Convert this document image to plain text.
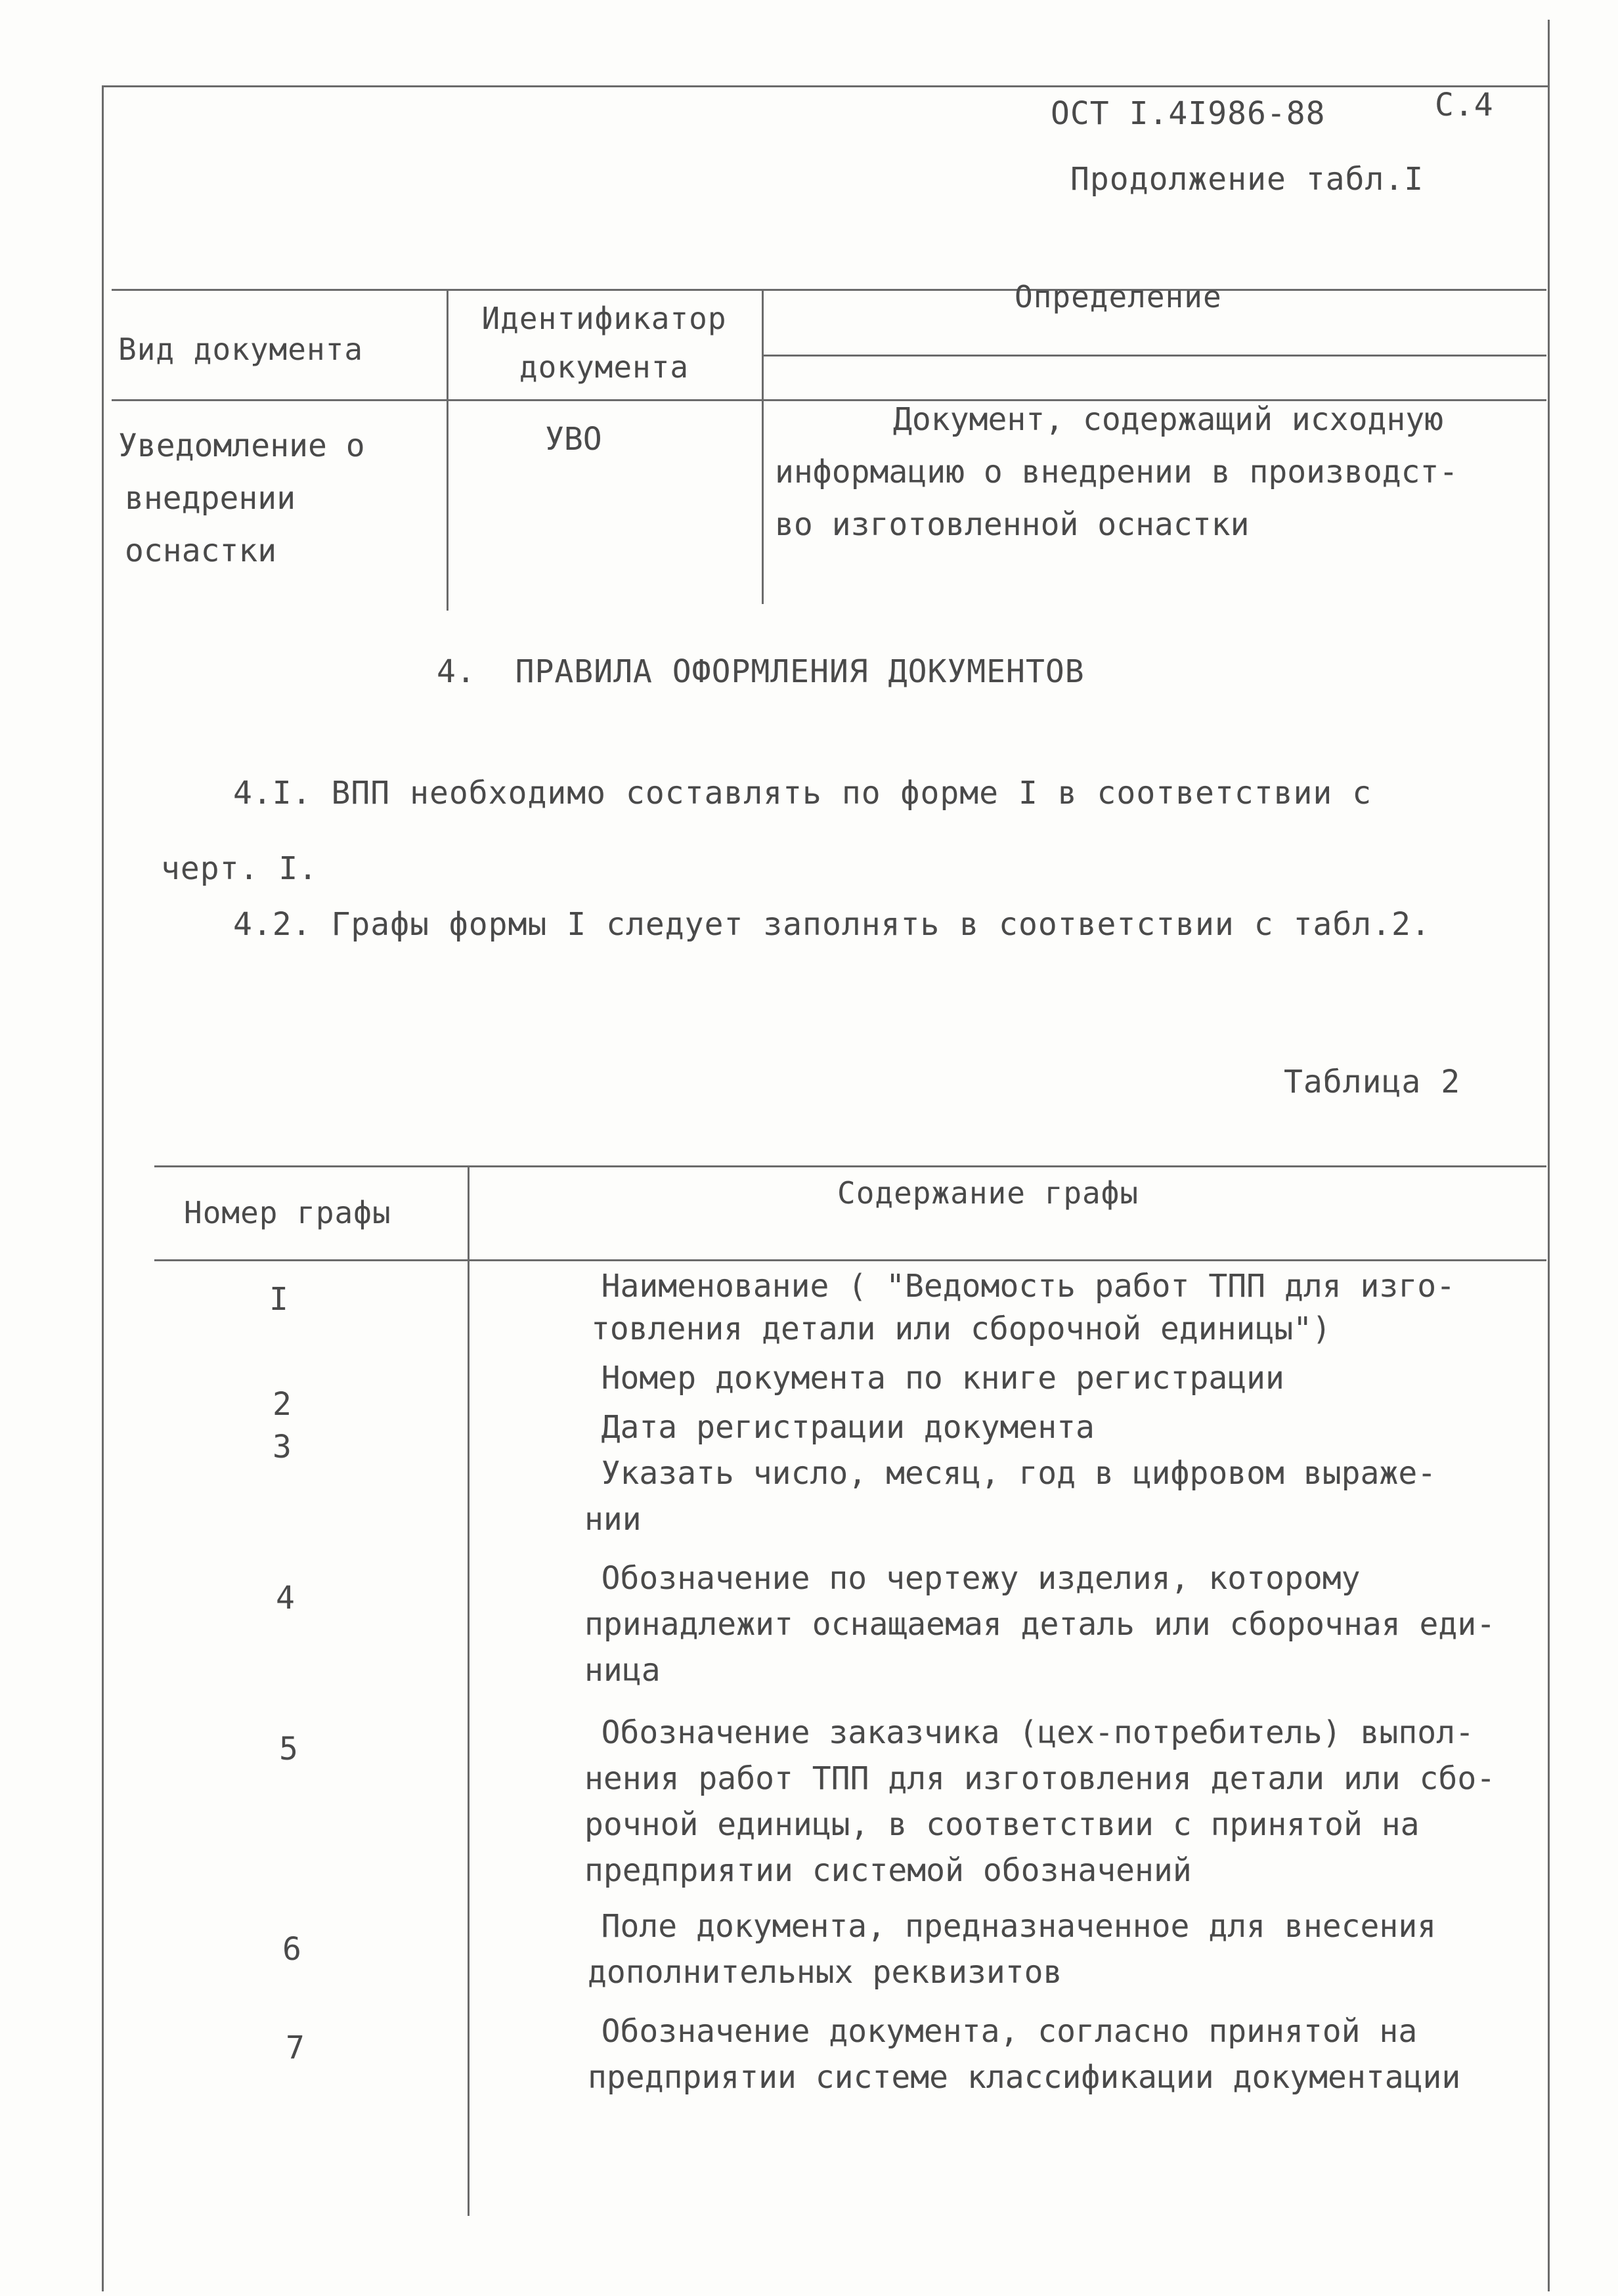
ОСТ I.4I986-88	С.4
Продолжение табл.I
Вид документа
Идентификатор документа
Определение
Уведомление о
внедрении
оснастки
УВО
Документ, содержащий исходную
информацию о внедрении в производст-
во изготовленной оснастки
4.  ПРАВИЛА ОФОРМЛЕНИЯ ДОКУМЕНТОВ
4.I. ВПП необходимо составлять по форме I в соответствии с
черт. I.
4.2. Графы формы I следует заполнять в соответствии с табл.2.
Таблица 2
Номер графы
Содержание графы
I
2
3
4
5
6
7
Наименование ( "Ведомость работ ТПП для изго-
товления детали или сборочной единицы")
Номер документа по книге регистрации
Дата регистрации документа
Указать число, месяц, год в цифровом выраже-
нии
Обозначение по чертежу изделия, которому
принадлежит оснащаемая деталь или сборочная еди-
ница
Обозначение заказчика (цех-потребитель) выпол-
нения работ ТПП для изготовления детали или сбо-
рочной единицы, в соответствии с принятой на
предприятии системой обозначений
Поле документа, предназначенное для внесения
дополнительных реквизитов
Обозначение документа, согласно принятой на
предприятии системе классификации документации
